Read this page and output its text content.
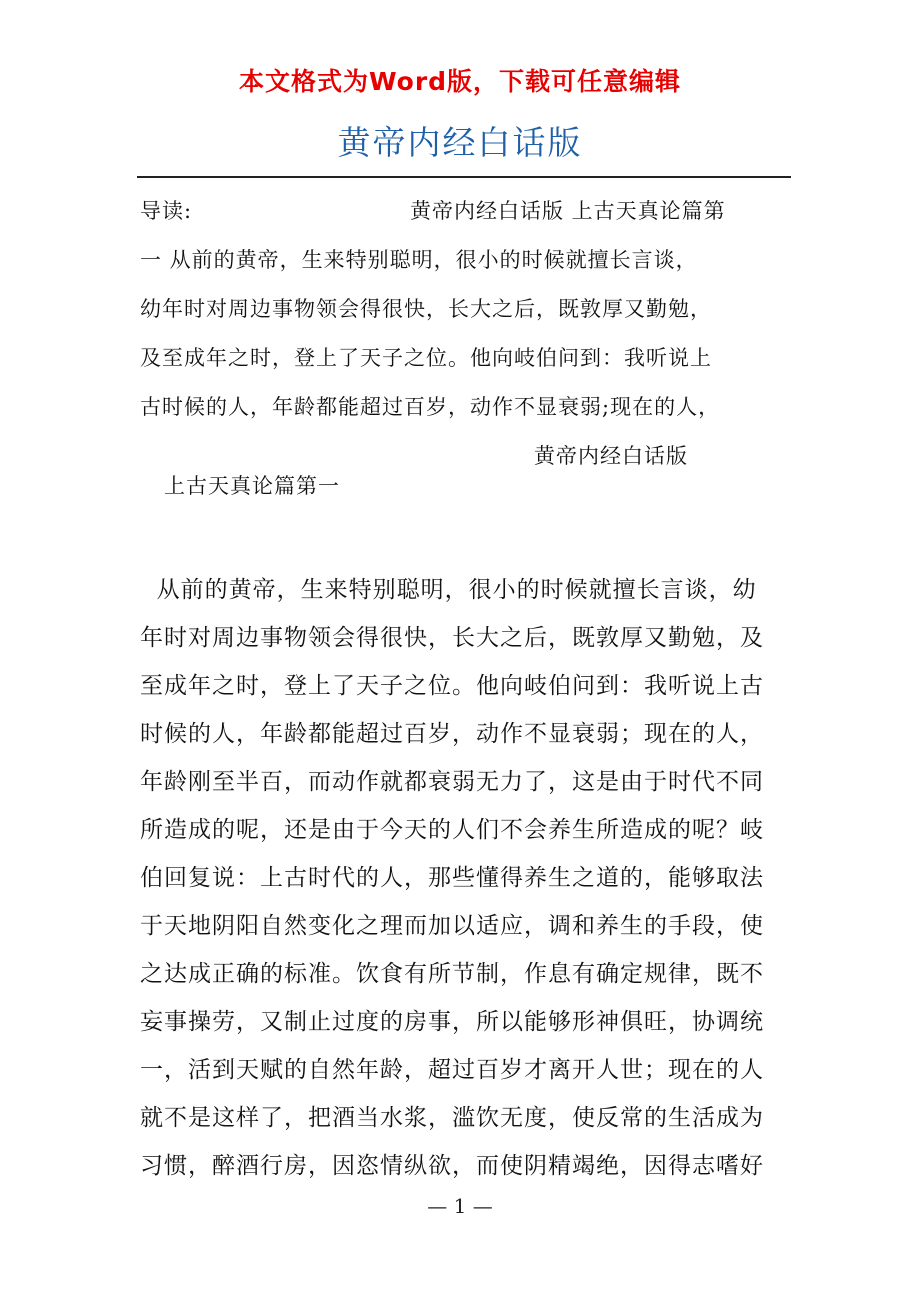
本文格式为Word版，下载可任意编辑
黄帝内经白话版
导读:	黄帝内经白话版 上古天真论篇第
一 从前的黄帝，生来特别聪明，很小的时候就擅长言谈，
幼年时对周边事物领会得很快，长大之后，既敦厚又勤勉，
及至成年之时，登上了天子之位。他向岐伯问到：我听说上
古时候的人，年龄都能超过百岁，动作不显衰弱;现在的人，
黄帝内经白话版
上古天真论篇第一
从前的黄帝，生来特别聪明，很小的时候就擅长言谈，幼
年时对周边事物领会得很快，长大之后，既敦厚又勤勉，及
至成年之时，登上了天子之位。他向岐伯问到：我听说上古
时候的人，年龄都能超过百岁，动作不显衰弱；现在的人，
年龄刚至半百，而动作就都衰弱无力了，这是由于时代不同
所造成的呢，还是由于今天的人们不会养生所造成的呢？岐
伯回复说：上古时代的人，那些懂得养生之道的，能够取法
于天地阴阳自然变化之理而加以适应，调和养生的手段，使
之达成正确的标准。饮食有所节制，作息有确定规律，既不
妄事操劳，又制止过度的房事，所以能够形神俱旺，协调统
一，活到天赋的自然年龄，超过百岁才离开人世；现在的人
就不是这样了，把酒当水浆，滥饮无度，使反常的生活成为
习惯，醉酒行房，因恣情纵欲，而使阴精竭绝，因得志嗜好
— 1 —
